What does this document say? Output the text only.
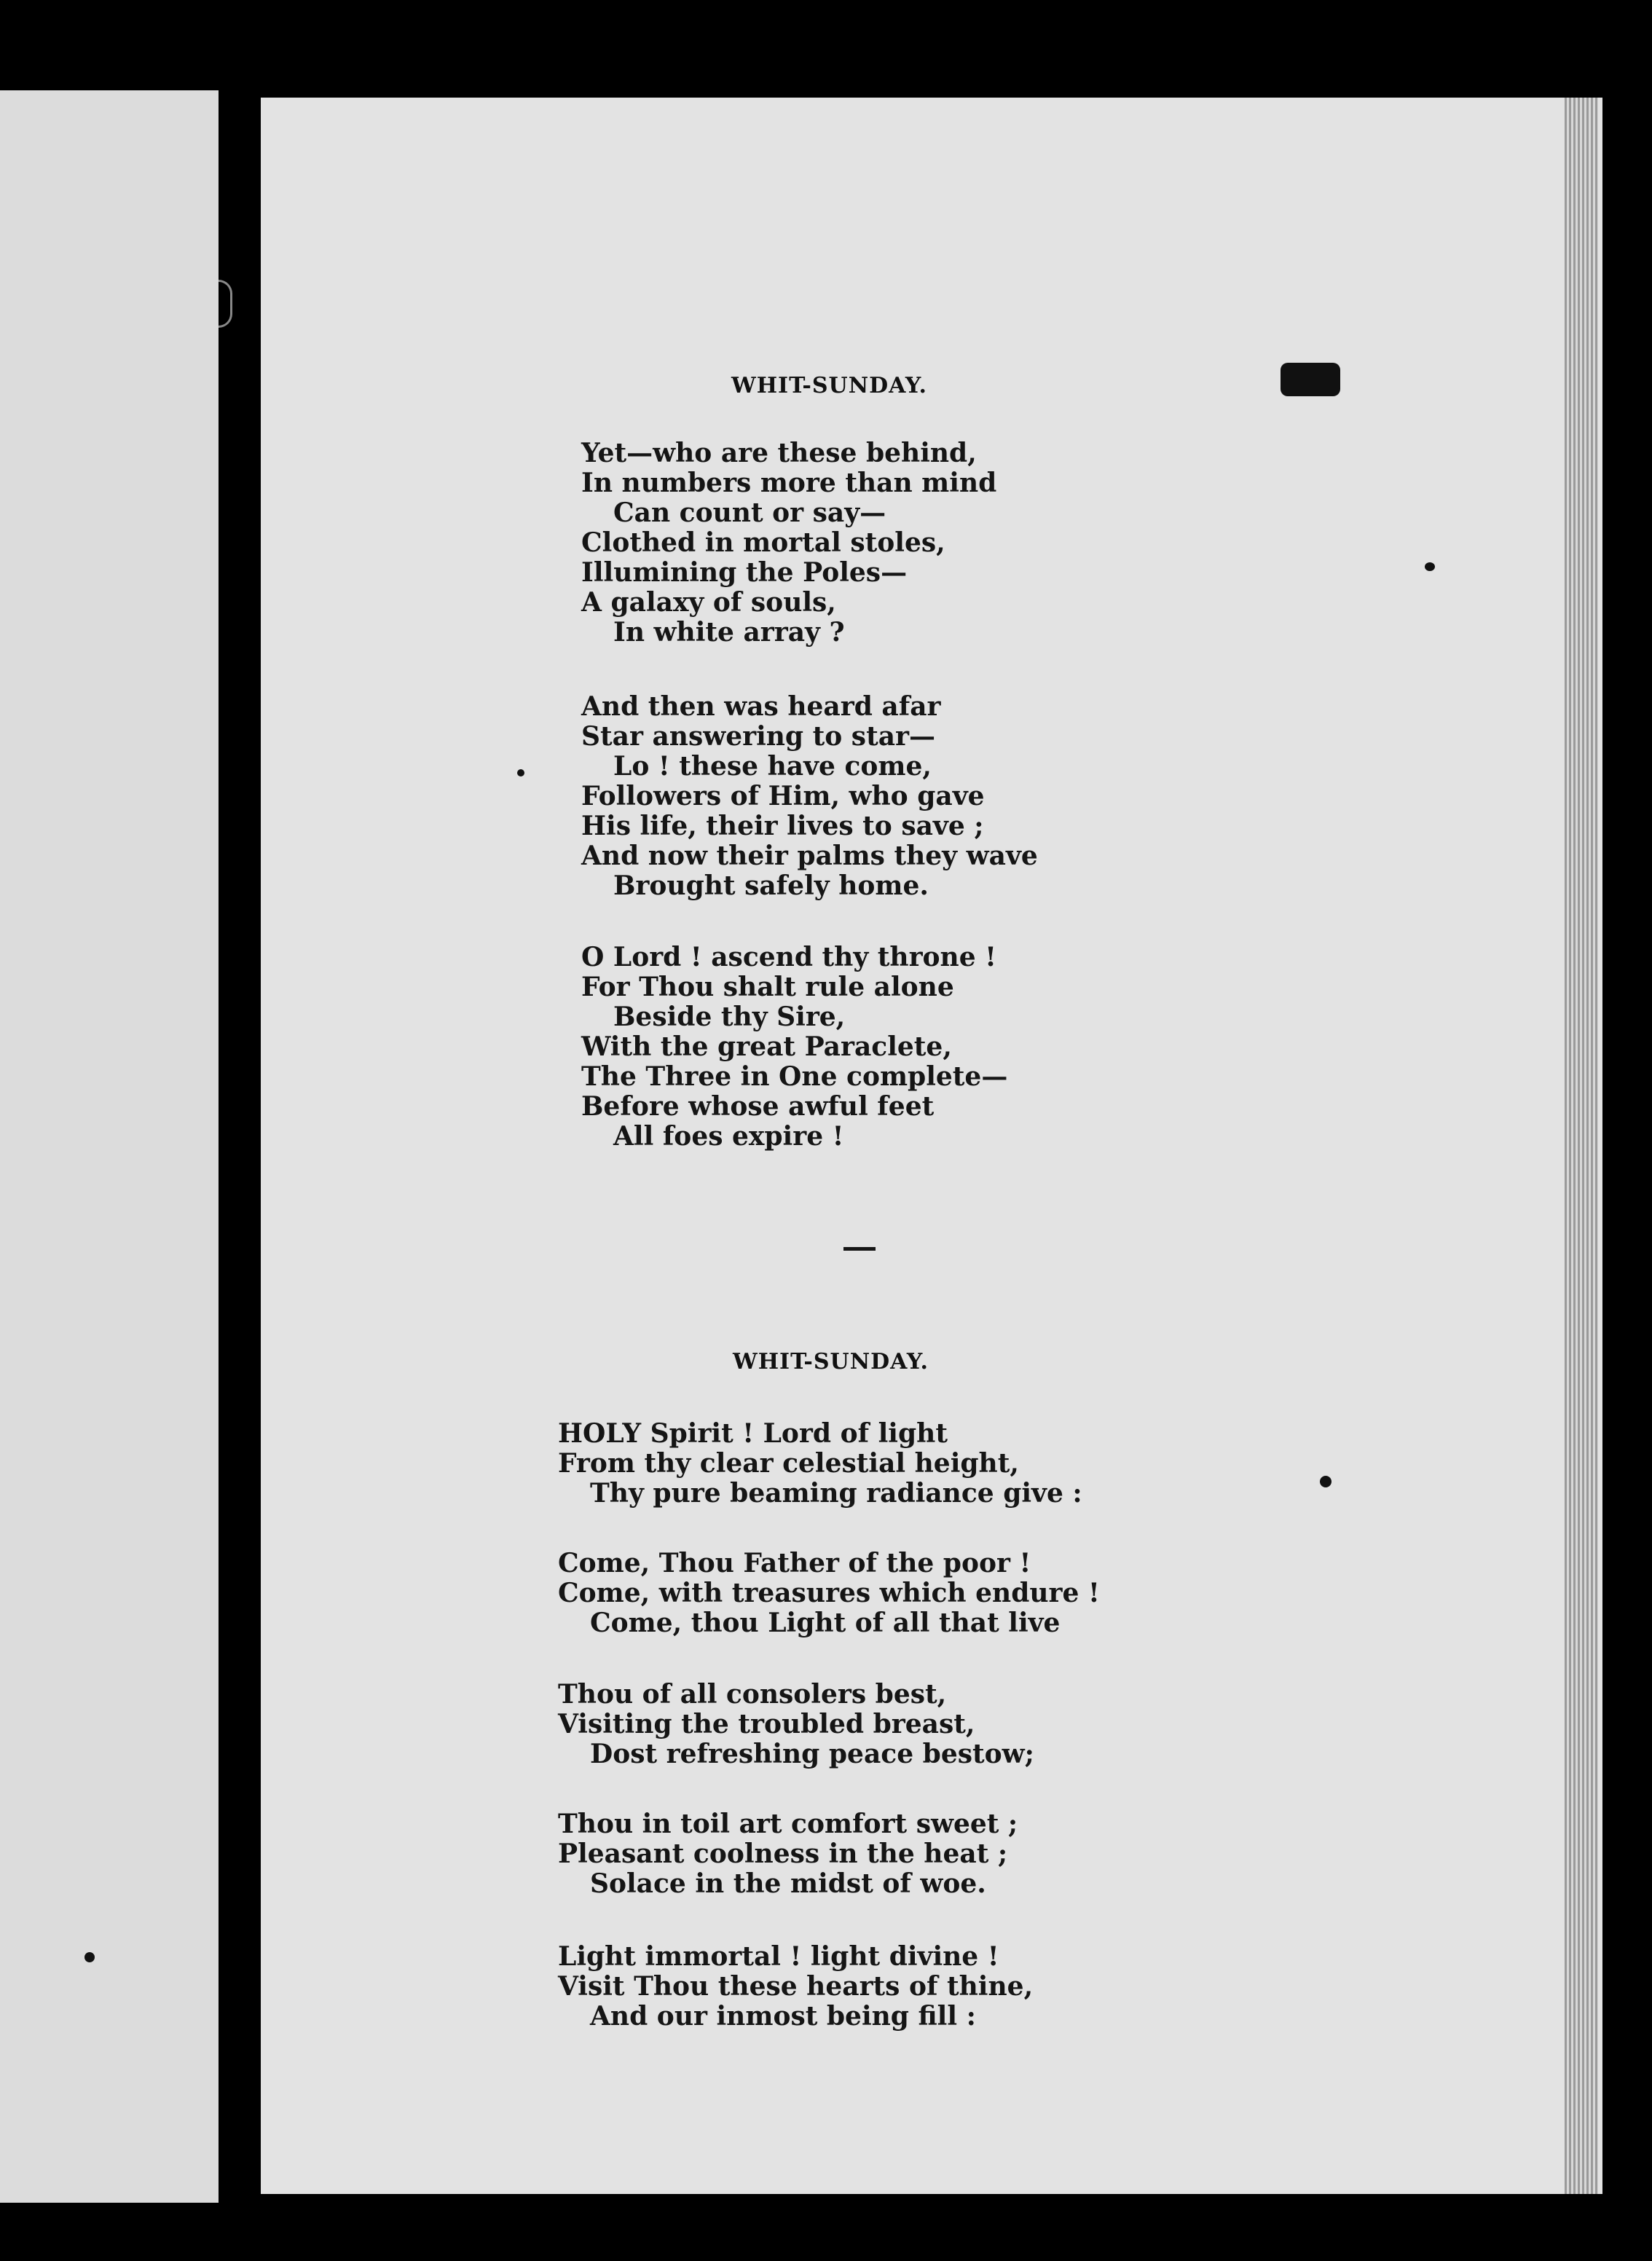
WHIT-SUNDAY.
Yet—who are these behind,
In numbers more than mind
Can count or say—
Clothed in mortal stoles,
Illumining the Poles—
A galaxy of souls,
In white array ?
And then was heard afar
Star answering to star—
Lo ! these have come,
Followers of Him, who gave
His life, their lives to save ;
And now their palms they wave
Brought safely home.
O Lord ! ascend thy throne !
For Thou shalt rule alone
Beside thy Sire,
With the great Paraclete,
The Three in One complete—
Before whose awful feet
All foes expire !
WHIT-SUNDAY.
HOLY Spirit ! Lord of light
From thy clear celestial height,
Thy pure beaming radiance give :
Come, Thou Father of the poor !
Come, with treasures which endure !
Come, thou Light of all that live
Thou of all consolers best,
Visiting the troubled breast,
Dost refreshing peace bestow;
Thou in toil art comfort sweet ;
Pleasant coolness in the heat ;
Solace in the midst of woe.
Light immortal ! light divine !
Visit Thou these hearts of thine,
And our inmost being fill :
